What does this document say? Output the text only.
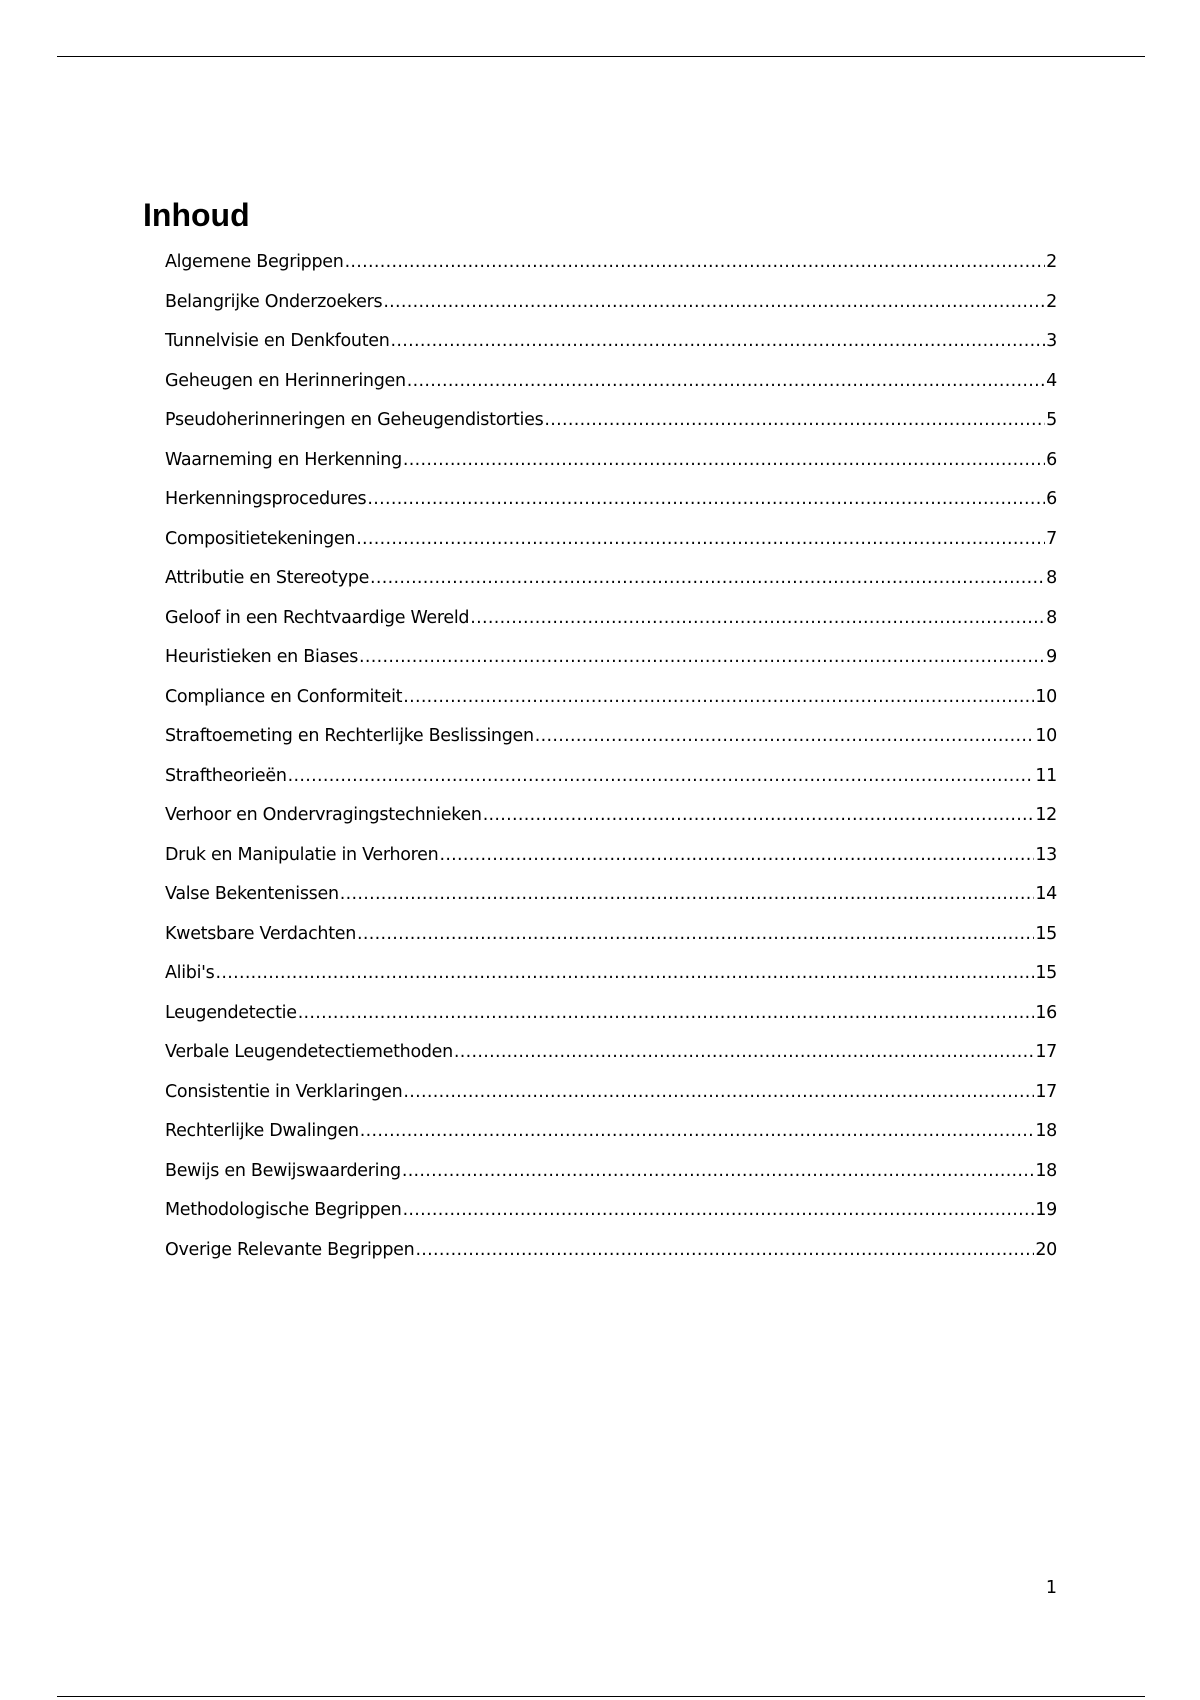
Inhoud
Algemene Begrippen .....	2
Belangrijke Onderzoekers .....	2
Tunnelvisie en Denkfouten .....	3
Geheugen en Herinneringen .....	4
Pseudoherinneringen en Geheugendistorties .....	5
Waarneming en Herkenning .....	6
Herkenningsprocedures .....	6
Compositietekeningen .....	7
Attributie en Stereotype .....	8
Geloof in een Rechtvaardige Wereld .....	8
Heuristieken en Biases .....	9
Compliance en Conformiteit .....	10
Straftoemeting en Rechterlijke Beslissingen .....	10
Straftheorieën .....	11
Verhoor en Ondervragingstechnieken .....	12
Druk en Manipulatie in Verhoren .....	13
Valse Bekentenissen .....	14
Kwetsbare Verdachten .....	15
Alibi's .....	15
Leugendetectie .....	16
Verbale Leugendetectiemethoden .....	17
Consistentie in Verklaringen .....	17
Rechterlijke Dwalingen .....	18
Bewijs en Bewijswaardering .....	18
Methodologische Begrippen .....	19
Overige Relevante Begrippen .....	20
1
